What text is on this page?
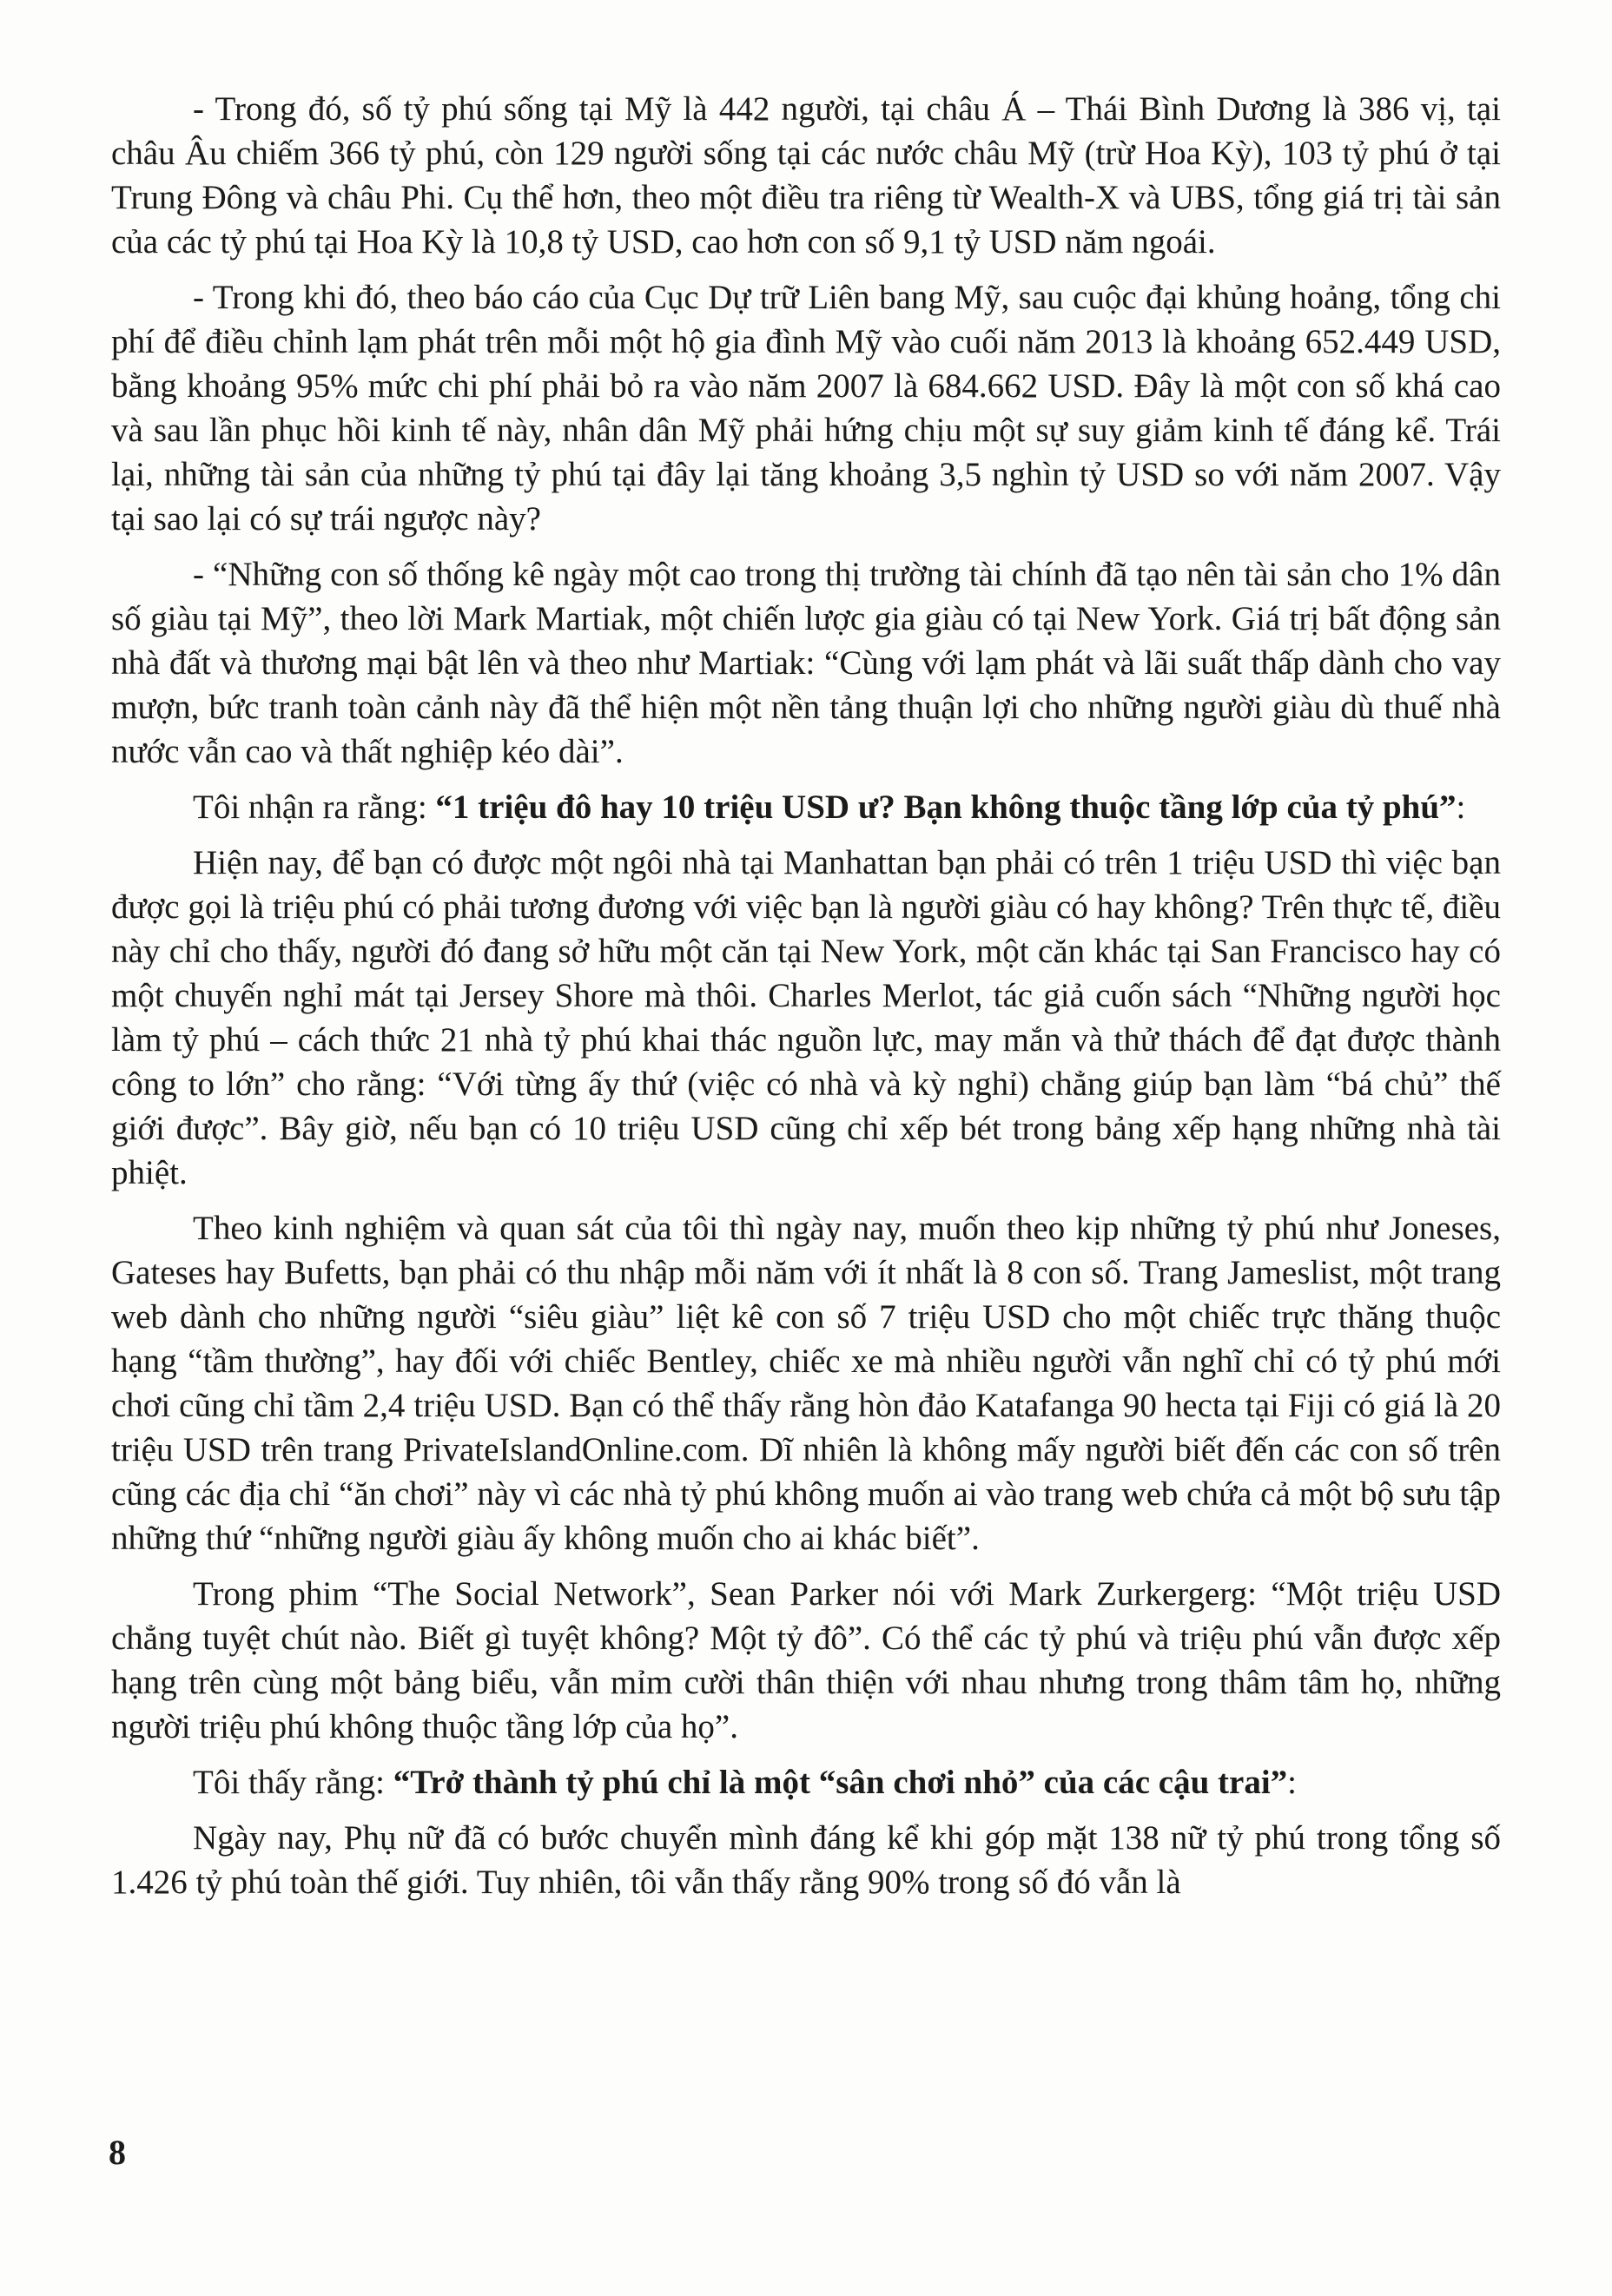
- Trong đó, số tỷ phú sống tại Mỹ là 442 người, tại châu Á – Thái Bình Dương là 386 vị, tại châu Âu chiếm 366 tỷ phú, còn 129 người sống tại các nước châu Mỹ (trừ Hoa Kỳ), 103 tỷ phú ở tại Trung Đông và châu Phi. Cụ thể hơn, theo một điều tra riêng từ Wealth-X và UBS, tổng giá trị tài sản của các tỷ phú tại Hoa Kỳ là 10,8 tỷ USD, cao hơn con số 9,1 tỷ USD năm ngoái.

- Trong khi đó, theo báo cáo của Cục Dự trữ Liên bang Mỹ, sau cuộc đại khủng hoảng, tổng chi phí để điều chỉnh lạm phát trên mỗi một hộ gia đình Mỹ vào cuối năm 2013 là khoảng 652.449 USD, bằng khoảng 95% mức chi phí phải bỏ ra vào năm 2007 là 684.662 USD. Đây là một con số khá cao và sau lần phục hồi kinh tế này, nhân dân Mỹ phải hứng chịu một sự suy giảm kinh tế đáng kể. Trái lại, những tài sản của những tỷ phú tại đây lại tăng khoảng 3,5 nghìn tỷ USD so với năm 2007. Vậy tại sao lại có sự trái ngược này?

- “Những con số thống kê ngày một cao trong thị trường tài chính đã tạo nên tài sản cho 1% dân số giàu tại Mỹ”, theo lời Mark Martiak, một chiến lược gia giàu có tại New York. Giá trị bất động sản nhà đất và thương mại bật lên và theo như Martiak: “Cùng với lạm phát và lãi suất thấp dành cho vay mượn, bức tranh toàn cảnh này đã thể hiện một nền tảng thuận lợi cho những người giàu dù thuế nhà nước vẫn cao và thất nghiệp kéo dài”.

Tôi nhận ra rằng: “1 triệu đô hay 10 triệu USD ư? Bạn không thuộc tầng lớp của tỷ phú”:

Hiện nay, để bạn có được một ngôi nhà tại Manhattan bạn phải có trên 1 triệu USD thì việc bạn được gọi là triệu phú có phải tương đương với việc bạn là người giàu có hay không? Trên thực tế, điều này chỉ cho thấy, người đó đang sở hữu một căn tại New York, một căn khác tại San Francisco hay có một chuyến nghỉ mát tại Jersey Shore mà thôi. Charles Merlot, tác giả cuốn sách “Những người học làm tỷ phú – cách thức 21 nhà tỷ phú khai thác nguồn lực, may mắn và thử thách để đạt được thành công to lớn” cho rằng: “Với từng ấy thứ (việc có nhà và kỳ nghỉ) chẳng giúp bạn làm “bá chủ” thế giới được”. Bây giờ, nếu bạn có 10 triệu USD cũng chỉ xếp bét trong bảng xếp hạng những nhà tài phiệt.

Theo kinh nghiệm và quan sát của tôi thì ngày nay, muốn theo kịp những tỷ phú như Joneses, Gateses hay Bufetts, bạn phải có thu nhập mỗi năm với ít nhất là 8 con số. Trang Jameslist, một trang web dành cho những người “siêu giàu” liệt kê con số 7 triệu USD cho một chiếc trực thăng thuộc hạng “tầm thường”, hay đối với chiếc Bentley, chiếc xe mà nhiều người vẫn nghĩ chỉ có tỷ phú mới chơi cũng chỉ tầm 2,4 triệu USD. Bạn có thể thấy rằng hòn đảo Katafanga 90 hecta tại Fiji có giá là 20 triệu USD trên trang PrivateIslandOnline.com. Dĩ nhiên là không mấy người biết đến các con số trên cũng các địa chỉ “ăn chơi” này vì các nhà tỷ phú không muốn ai vào trang web chứa cả một bộ sưu tập những thứ “những người giàu ấy không muốn cho ai khác biết”.

Trong phim “The Social Network”, Sean Parker nói với Mark Zurkergerg: “Một triệu USD chẳng tuyệt chút nào. Biết gì tuyệt không? Một tỷ đô”. Có thể các tỷ phú và triệu phú vẫn được xếp hạng trên cùng một bảng biểu, vẫn mỉm cười thân thiện với nhau nhưng trong thâm tâm họ, những người triệu phú không thuộc tầng lớp của họ”.

Tôi thấy rằng: “Trở thành tỷ phú chỉ là một “sân chơi nhỏ” của các cậu trai”:

Ngày nay, Phụ nữ đã có bước chuyển mình đáng kể khi góp mặt 138 nữ tỷ phú trong tổng số 1.426 tỷ phú toàn thế giới. Tuy nhiên, tôi vẫn thấy rằng 90% trong số đó vẫn là

8
